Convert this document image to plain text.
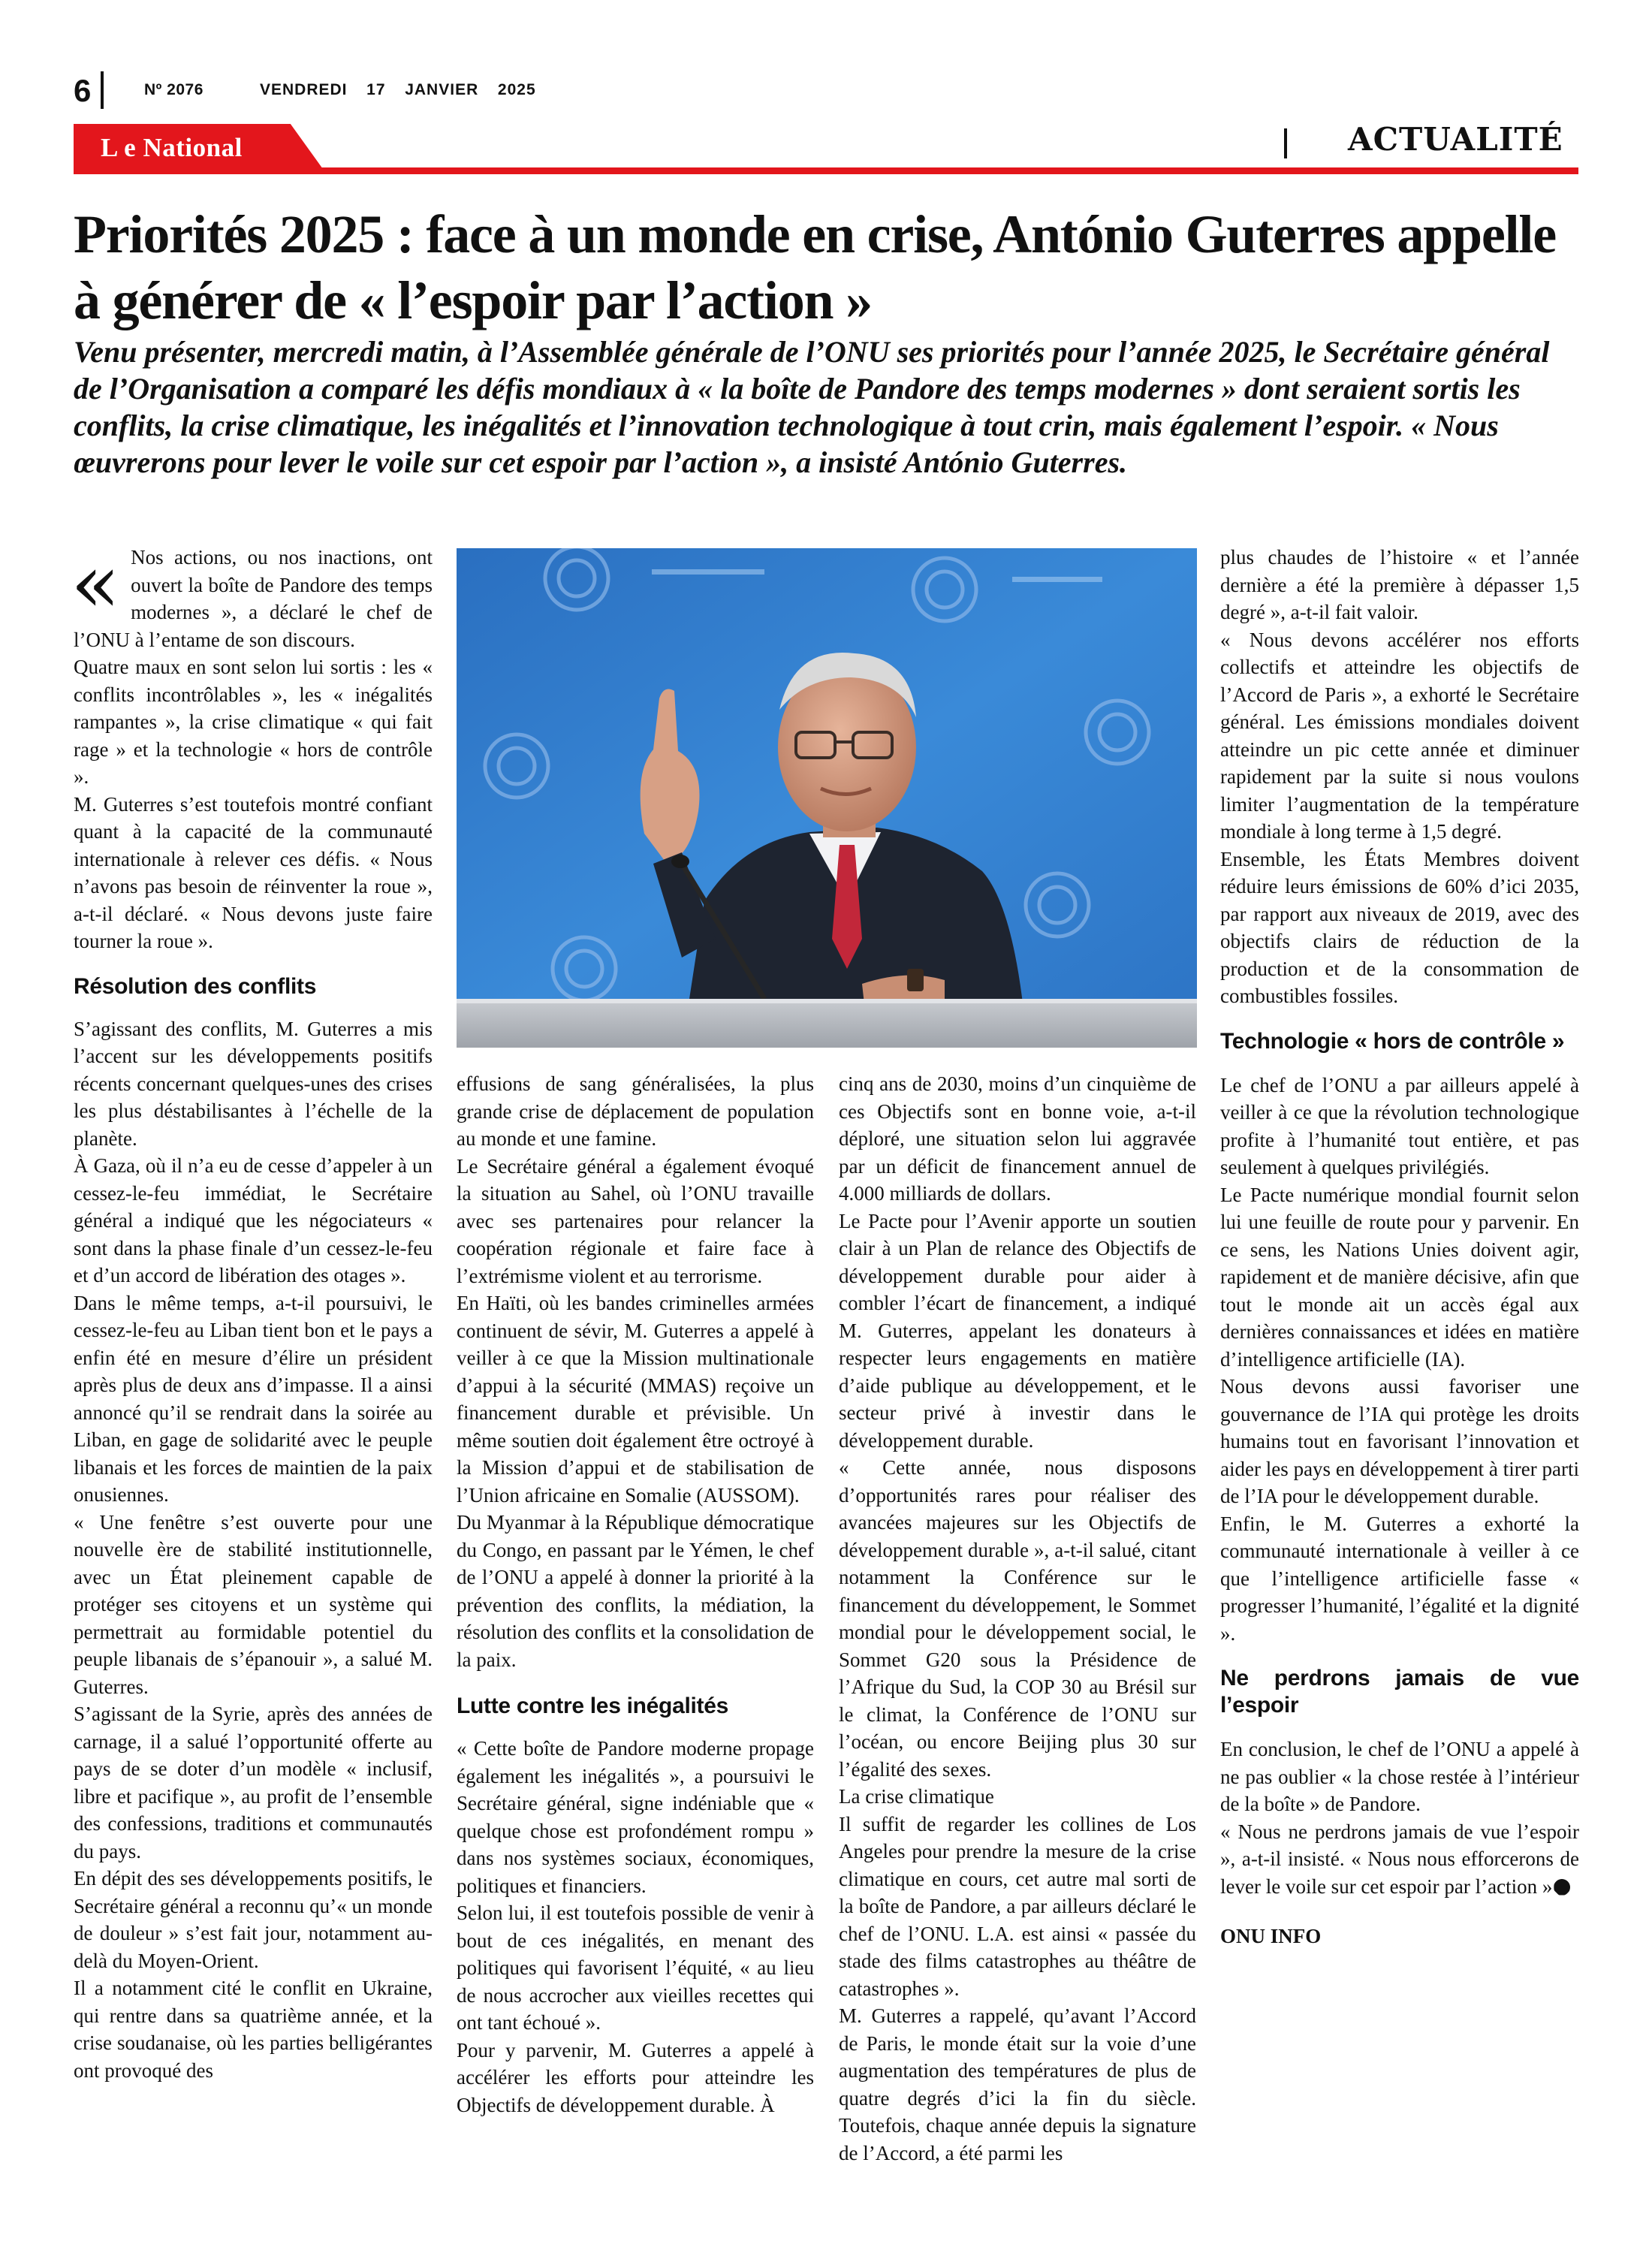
6	Nº 2076	VENDREDI  17  JANVIER  2025
L e National	ACTUALITÉ
Priorités 2025 : face à un monde en crise, António Guterres appelle à générer de « l’espoir par l’action »
Venu présenter, mercredi matin, à l’Assemblée générale de l’ONU ses priorités pour l’année 2025, le Secrétaire général de l’Organisation a comparé les défis mondiaux à « la boîte de Pandore des temps modernes » dont seraient sortis les conflits, la crise climatique, les inégalités et l’innovation technologique à tout crin, mais également l’espoir. « Nous œuvrerons pour lever le voile sur cet espoir par l’action », a insisté António Guterres.

« Nos actions, ou nos inactions, ont ouvert la boîte de Pandore des temps modernes », a déclaré le chef de l’ONU à l’entame de son discours.

Quatre maux en sont selon lui sortis : les « conflits incontrôlables », les « inégalités rampantes », la crise climatique « qui fait rage » et la technologie « hors de contrôle ».

M. Guterres s’est toutefois montré confiant quant à la capacité de la communauté internationale à relever ces défis. « Nous n’avons pas besoin de réinventer la roue », a-t-il déclaré. « Nous devons juste faire tourner la roue ».

Résolution des conflits

S’agissant des conflits, M. Guterres a mis l’accent sur les développements positifs récents concernant quelques-unes des crises les plus déstabilisantes à l’échelle de la planète.

À Gaza, où il n’a eu de cesse d’appeler à un cessez-le-feu immédiat, le Secrétaire général a indiqué que les négociateurs « sont dans la phase finale d’un cessez-le-feu et d’un accord de libération des otages ».

Dans le même temps, a-t-il poursuivi, le cessez-le-feu au Liban tient bon et le pays a enfin été en mesure d’élire un président après plus de deux ans d’impasse. Il a ainsi annoncé qu’il se rendrait dans la soirée au Liban, en gage de solidarité avec le peuple libanais et les forces de maintien de la paix onusiennes.

« Une fenêtre s’est ouverte pour une nouvelle ère de stabilité institutionnelle, avec un État pleinement capable de protéger ses citoyens et un système qui permettrait au formidable potentiel du peuple libanais de s’épanouir », a salué M. Guterres.

S’agissant de la Syrie, après des années de carnage, il a salué l’opportunité offerte au pays de se doter d’un modèle « inclusif, libre et pacifique », au profit de l’ensemble des confessions, traditions et communautés du pays.

En dépit des ses développements positifs, le Secrétaire général a reconnu qu’« un monde de douleur » s’est fait jour, notamment au-delà du Moyen-Orient.

Il a notamment cité le conflit en Ukraine, qui rentre dans sa quatrième année, et la crise soudanaise, où les parties belligérantes ont provoqué des

effusions de sang généralisées, la plus grande crise de déplacement de population au monde et une famine.

Le Secrétaire général a également évoqué la situation au Sahel, où l’ONU travaille avec ses partenaires pour relancer la coopération régionale et faire face à l’extrémisme violent et au terrorisme.

En Haïti, où les bandes criminelles armées continuent de sévir, M. Guterres a appelé à veiller à ce que la Mission multinationale d’appui à la sécurité (MMAS) reçoive un financement durable et prévisible. Un même soutien doit également être octroyé à la Mission d’appui et de stabilisation de l’Union africaine en Somalie (AUSSOM).

Du Myanmar à la République démocratique du Congo, en passant par le Yémen, le chef de l’ONU a appelé à donner la priorité à la prévention des conflits, la médiation, la résolution des conflits et la consolidation de la paix.

Lutte contre les inégalités

« Cette boîte de Pandore moderne propage également les inégalités », a poursuivi le Secrétaire général, signe indéniable que « quelque chose est profondément rompu » dans nos systèmes sociaux, économiques, politiques et financiers.

Selon lui, il est toutefois possible de venir à bout de ces inégalités, en menant des politiques qui favorisent l’équité, « au lieu de nous accrocher aux vieilles recettes qui ont tant échoué ».

Pour y parvenir, M. Guterres a appelé à accélérer les efforts pour atteindre les Objectifs de développement durable. À

cinq ans de 2030, moins d’un cinquième de ces Objectifs sont en bonne voie, a-t-il déploré, une situation selon lui aggravée par un déficit de financement annuel de 4.000 milliards de dollars.

Le Pacte pour l’Avenir apporte un soutien clair à un Plan de relance des Objectifs de développement durable pour aider à combler l’écart de financement, a indiqué M. Guterres, appelant les donateurs à respecter leurs engagements en matière d’aide publique au développement, et le secteur privé à investir dans le développement durable.

« Cette année, nous disposons d’opportunités rares pour réaliser des avancées majeures sur les Objectifs de développement durable », a-t-il salué, citant notamment la Conférence sur le financement du développement, le Sommet mondial pour le développement social, le Sommet G20 sous la Présidence de l’Afrique du Sud, la COP 30 au Brésil sur le climat, la Conférence de l’ONU sur l’océan, ou encore Beijing plus 30 sur l’égalité des sexes.

La crise climatique

Il suffit de regarder les collines de Los Angeles pour prendre la mesure de la crise climatique en cours, cet autre mal sorti de la boîte de Pandore, a par ailleurs déclaré le chef de l’ONU. L.A. est ainsi « passée du stade des films catastrophes au théâtre de catastrophes ».

M. Guterres a rappelé, qu’avant l’Accord de Paris, le monde était sur la voie d’une augmentation des températures de plus de quatre degrés d’ici la fin du siècle. Toutefois, chaque année depuis la signature de l’Accord, a été parmi les

plus chaudes de l’histoire « et l’année dernière a été la première à dépasser 1,5 degré », a-t-il fait valoir.

« Nous devons accélérer nos efforts collectifs et atteindre les objectifs de l’Accord de Paris », a exhorté le Secrétaire général. Les émissions mondiales doivent atteindre un pic cette année et diminuer rapidement par la suite si nous voulons limiter l’augmentation de la température mondiale à long terme à 1,5 degré.

Ensemble, les États Membres doivent réduire leurs émissions de 60% d’ici 2035, par rapport aux niveaux de 2019, avec des objectifs clairs de réduction de la production et de la consommation de combustibles fossiles.

Technologie « hors de contrôle »

Le chef de l’ONU a par ailleurs appelé à veiller à ce que la révolution technologique profite à l’humanité tout entière, et pas seulement à quelques privilégiés.

Le Pacte numérique mondial fournit selon lui une feuille de route pour y parvenir. En ce sens, les Nations Unies doivent agir, rapidement et de manière décisive, afin que tout le monde ait un accès égal aux dernières connaissances et idées en matière d’intelligence artificielle (IA).

Nous devons aussi favoriser une gouvernance de l’IA qui protège les droits humains tout en favorisant l’innovation et aider les pays en développement à tirer parti de l’IA pour le développement durable.

Enfin, le M. Guterres a exhorté la communauté internationale à veiller à ce que l’intelligence artificielle fasse « progresser l’humanité, l’égalité et la dignité ».

Ne perdrons jamais de vue l’espoir

En conclusion, le chef de l’ONU a appelé à ne pas oublier « la chose restée à l’intérieur de la boîte » de Pandore.

« Nous ne perdrons jamais de vue l’espoir », a-t-il insisté. « Nous nous efforcerons de lever le voile sur cet espoir par l’action »

ONU INFO
